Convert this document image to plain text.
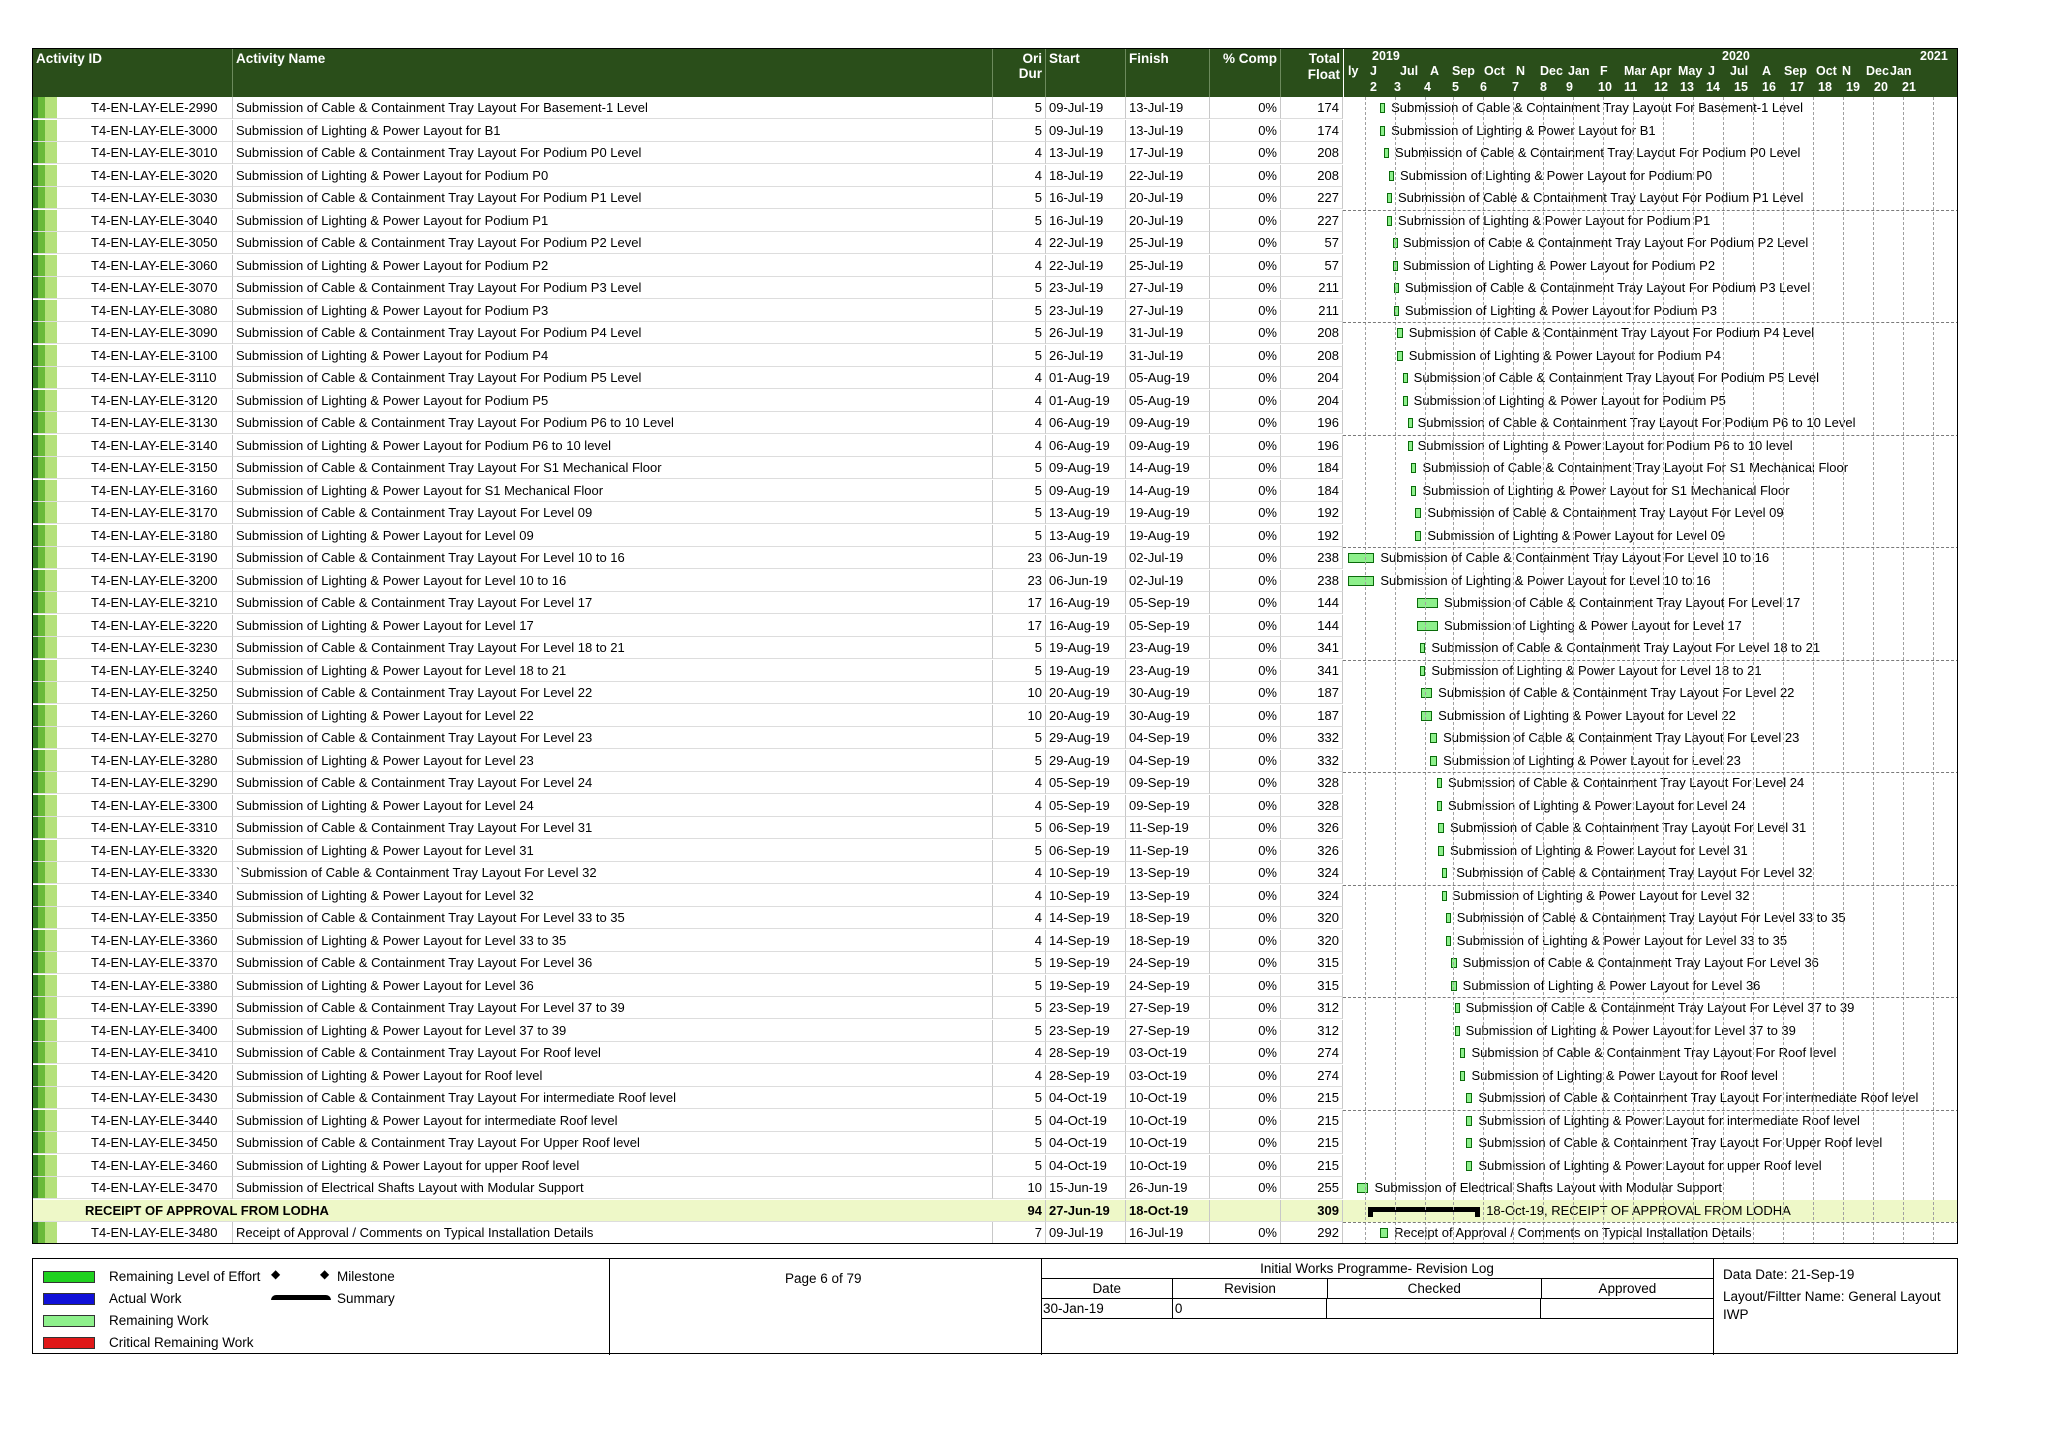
Activity ID	Activity Name	Ori
Dur
Start	Finish	% Comp	Total
Float
2019	2020	2021
ly J Jul A Sep Oct N Dec Jan F Mar Apr May J Jul A Sep Oct N Dec Jan
2 3 4 5 6 7 8 9 10 11 12 13 14 15 16 17 18 19 20 21
T4-EN-LAY-ELE-2990	Submission of Cable & Containment Tray Layout For Basement-1 Level	5 09-Jul-19	13-Jul-19	0%	174	Submission of Cable & Containment Tray Layout For Basement-1 Level
T4-EN-LAY-ELE-3000	Submission of Lighting & Power Layout for B1	5 09-Jul-19	13-Jul-19	0%	174	Submission of Lighting & Power Layout for B1
T4-EN-LAY-ELE-3010	Submission of Cable & Containment Tray Layout For Podium P0 Level	4 13-Jul-19	17-Jul-19	0%	208	Submission of Cable & Containment Tray Layout For Podium P0 Level
T4-EN-LAY-ELE-3020	Submission of Lighting & Power Layout for Podium P0	4 18-Jul-19	22-Jul-19	0%	208	Submission of Lighting & Power Layout for Podium P0
T4-EN-LAY-ELE-3030	Submission of Cable & Containment Tray Layout For Podium P1 Level	5 16-Jul-19	20-Jul-19	0%	227	Submission of Cable & Containment Tray Layout For Podium P1 Level
T4-EN-LAY-ELE-3040	Submission of Lighting & Power Layout for Podium P1	5 16-Jul-19	20-Jul-19	0%	227	Submission of Lighting & Power Layout for Podium P1
T4-EN-LAY-ELE-3050	Submission of Cable & Containment Tray Layout For Podium P2 Level	4 22-Jul-19	25-Jul-19	0%	57	Submission of Cable & Containment Tray Layout For Podium P2 Level
T4-EN-LAY-ELE-3060	Submission of Lighting & Power Layout for Podium P2	4 22-Jul-19	25-Jul-19	0%	57	Submission of Lighting & Power Layout for Podium P2
T4-EN-LAY-ELE-3070	Submission of Cable & Containment Tray Layout For Podium P3 Level	5 23-Jul-19	27-Jul-19	0%	211	Submission of Cable & Containment Tray Layout For Podium P3 Level
T4-EN-LAY-ELE-3080	Submission of Lighting & Power Layout for Podium P3	5 23-Jul-19	27-Jul-19	0%	211	Submission of Lighting & Power Layout for Podium P3
T4-EN-LAY-ELE-3090	Submission of Cable & Containment Tray Layout For Podium P4 Level	5 26-Jul-19	31-Jul-19	0%	208	Submission of Cable & Containment Tray Layout For Podium P4 Level
T4-EN-LAY-ELE-3100	Submission of Lighting & Power Layout for Podium P4	5 26-Jul-19	31-Jul-19	0%	208	Submission of Lighting & Power Layout for Podium P4
T4-EN-LAY-ELE-3110	Submission of Cable & Containment Tray Layout For Podium P5 Level	4 01-Aug-19	05-Aug-19	0%	204	Submission of Cable & Containment Tray Layout For Podium P5 Level
T4-EN-LAY-ELE-3120	Submission of Lighting & Power Layout for Podium P5	4 01-Aug-19	05-Aug-19	0%	204	Submission of Lighting & Power Layout for Podium P5
T4-EN-LAY-ELE-3130	Submission of Cable & Containment Tray Layout For Podium P6 to 10 Level	4 06-Aug-19	09-Aug-19	0%	196	Submission of Cable & Containment Tray Layout For Podium P6 to 10 Level
T4-EN-LAY-ELE-3140	Submission of Lighting & Power Layout for Podium P6 to 10 level	4 06-Aug-19	09-Aug-19	0%	196	Submission of Lighting & Power Layout for Podium P6 to 10 level
T4-EN-LAY-ELE-3150	Submission of Cable & Containment Tray Layout For S1 Mechanical Floor	5 09-Aug-19	14-Aug-19	0%	184	Submission of Cable & Containment Tray Layout For S1 Mechanical Floor
T4-EN-LAY-ELE-3160	Submission of Lighting & Power Layout for S1 Mechanical Floor	5 09-Aug-19	14-Aug-19	0%	184	Submission of Lighting & Power Layout for S1 Mechanical Floor
T4-EN-LAY-ELE-3170	Submission of Cable & Containment Tray Layout For Level 09	5 13-Aug-19	19-Aug-19	0%	192	Submission of Cable & Containment Tray Layout For Level 09
T4-EN-LAY-ELE-3180	Submission of Lighting & Power Layout for Level 09	5 13-Aug-19	19-Aug-19	0%	192	Submission of Lighting & Power Layout for Level 09
T4-EN-LAY-ELE-3190	Submission of Cable & Containment Tray Layout For Level 10 to 16	23 06-Jun-19	02-Jul-19	0%	238	Submission of Cable & Containment Tray Layout For Level 10 to 16
T4-EN-LAY-ELE-3200	Submission of Lighting & Power Layout for Level 10 to 16	23 06-Jun-19	02-Jul-19	0%	238	Submission of Lighting & Power Layout for Level 10 to 16
T4-EN-LAY-ELE-3210	Submission of Cable & Containment Tray Layout For Level 17	17 16-Aug-19	05-Sep-19	0%	144	Submission of Cable & Containment Tray Layout For Level 17
T4-EN-LAY-ELE-3220	Submission of Lighting & Power Layout for Level 17	17 16-Aug-19	05-Sep-19	0%	144	Submission of Lighting & Power Layout for Level 17
T4-EN-LAY-ELE-3230	Submission of Cable & Containment Tray Layout For Level 18 to 21	5 19-Aug-19	23-Aug-19	0%	341	Submission of Cable & Containment Tray Layout For Level 18 to 21
T4-EN-LAY-ELE-3240	Submission of Lighting & Power Layout for Level 18 to 21	5 19-Aug-19	23-Aug-19	0%	341	Submission of Lighting & Power Layout for Level 18 to 21
T4-EN-LAY-ELE-3250	Submission of Cable & Containment Tray Layout For Level 22	10 20-Aug-19	30-Aug-19	0%	187	Submission of Cable & Containment Tray Layout For Level 22
T4-EN-LAY-ELE-3260	Submission of Lighting & Power Layout for Level 22	10 20-Aug-19	30-Aug-19	0%	187	Submission of Lighting & Power Layout for Level 22
T4-EN-LAY-ELE-3270	Submission of Cable & Containment Tray Layout For Level 23	5 29-Aug-19	04-Sep-19	0%	332	Submission of Cable & Containment Tray Layout For Level 23
T4-EN-LAY-ELE-3280	Submission of Lighting & Power Layout for Level 23	5 29-Aug-19	04-Sep-19	0%	332	Submission of Lighting & Power Layout for Level 23
T4-EN-LAY-ELE-3290	Submission of Cable & Containment Tray Layout For Level 24	4 05-Sep-19	09-Sep-19	0%	328	Submission of Cable & Containment Tray Layout For Level 24
T4-EN-LAY-ELE-3300	Submission of Lighting & Power Layout for Level 24	4 05-Sep-19	09-Sep-19	0%	328	Submission of Lighting & Power Layout for Level 24
T4-EN-LAY-ELE-3310	Submission of Cable & Containment Tray Layout For Level 31	5 06-Sep-19	11-Sep-19	0%	326	Submission of Cable & Containment Tray Layout For Level 31
T4-EN-LAY-ELE-3320	Submission of Lighting & Power Layout for Level 31	5 06-Sep-19	11-Sep-19	0%	326	Submission of Lighting & Power Layout for Level 31
T4-EN-LAY-ELE-3330	`Submission of Cable & Containment Tray Layout For Level 32	4 10-Sep-19	13-Sep-19	0%	324	`Submission of Cable & Containment Tray Layout For Level 32
T4-EN-LAY-ELE-3340	Submission of Lighting & Power Layout for Level 32	4 10-Sep-19	13-Sep-19	0%	324	Submission of Lighting & Power Layout for Level 32
T4-EN-LAY-ELE-3350	Submission of Cable & Containment Tray Layout For Level 33 to 35	4 14-Sep-19	18-Sep-19	0%	320	Submission of Cable & Containment Tray Layout For Level 33 to 35
T4-EN-LAY-ELE-3360	Submission of Lighting & Power Layout for Level 33 to 35	4 14-Sep-19	18-Sep-19	0%	320	Submission of Lighting & Power Layout for Level 33 to 35
T4-EN-LAY-ELE-3370	Submission of Cable & Containment Tray Layout For Level 36	5 19-Sep-19	24-Sep-19	0%	315	Submission of Cable & Containment Tray Layout For Level 36
T4-EN-LAY-ELE-3380	Submission of Lighting & Power Layout for Level 36	5 19-Sep-19	24-Sep-19	0%	315	Submission of Lighting & Power Layout for Level 36
T4-EN-LAY-ELE-3390	Submission of Cable & Containment Tray Layout For Level 37 to 39	5 23-Sep-19	27-Sep-19	0%	312	Submission of Cable & Containment Tray Layout For Level 37 to 39
T4-EN-LAY-ELE-3400	Submission of Lighting & Power Layout for Level 37 to 39	5 23-Sep-19	27-Sep-19	0%	312	Submission of Lighting & Power Layout for Level 37 to 39
T4-EN-LAY-ELE-3410	Submission of Cable & Containment Tray Layout For Roof level	4 28-Sep-19	03-Oct-19	0%	274	Submission of Cable & Containment Tray Layout For Roof level
T4-EN-LAY-ELE-3420	Submission of Lighting & Power Layout for Roof level	4 28-Sep-19	03-Oct-19	0%	274	Submission of Lighting & Power Layout for Roof level
T4-EN-LAY-ELE-3430	Submission of Cable & Containment Tray Layout For intermediate Roof level	5 04-Oct-19	10-Oct-19	0%	215	Submission of Cable & Containment Tray Layout For intermediate Roof level
T4-EN-LAY-ELE-3440	Submission of Lighting & Power Layout for intermediate Roof level	5 04-Oct-19	10-Oct-19	0%	215	Submission of Lighting & Power Layout for intermediate Roof level
T4-EN-LAY-ELE-3450	Submission of Cable & Containment Tray Layout For Upper Roof level	5 04-Oct-19	10-Oct-19	0%	215	Submission of Cable & Containment Tray Layout For Upper Roof level
T4-EN-LAY-ELE-3460	Submission of Lighting & Power Layout for upper Roof level	5 04-Oct-19	10-Oct-19	0%	215	Submission of Lighting & Power Layout for upper Roof level
T4-EN-LAY-ELE-3470	Submission of Electrical Shafts Layout with Modular Support	10 15-Jun-19	26-Jun-19	0%	255	Submission of Electrical Shafts Layout with Modular Support
RECEIPT OF APPROVAL FROM LODHA	94 27-Jun-19	18-Oct-19	309	18-Oct-19, RECEIPT OF APPROVAL FROM LODHA
T4-EN-LAY-ELE-3480	Receipt of Approval / Comments on Typical Installation Details	7 09-Jul-19	16-Jul-19	0%	292	Receipt of Approval / Comments on Typical Installation Details
Remaining Level of Effort ◆	◆ Milestone
Actual Work	Summary
Remaining Work
Critical Remaining Work
Page 6 of 79
Initial Works Programme- Revision Log
Date	Revision	Checked	Approved
30-Jan-19	0
Data Date: 21-Sep-19
Layout/Filtter Name: General Layout IWP
